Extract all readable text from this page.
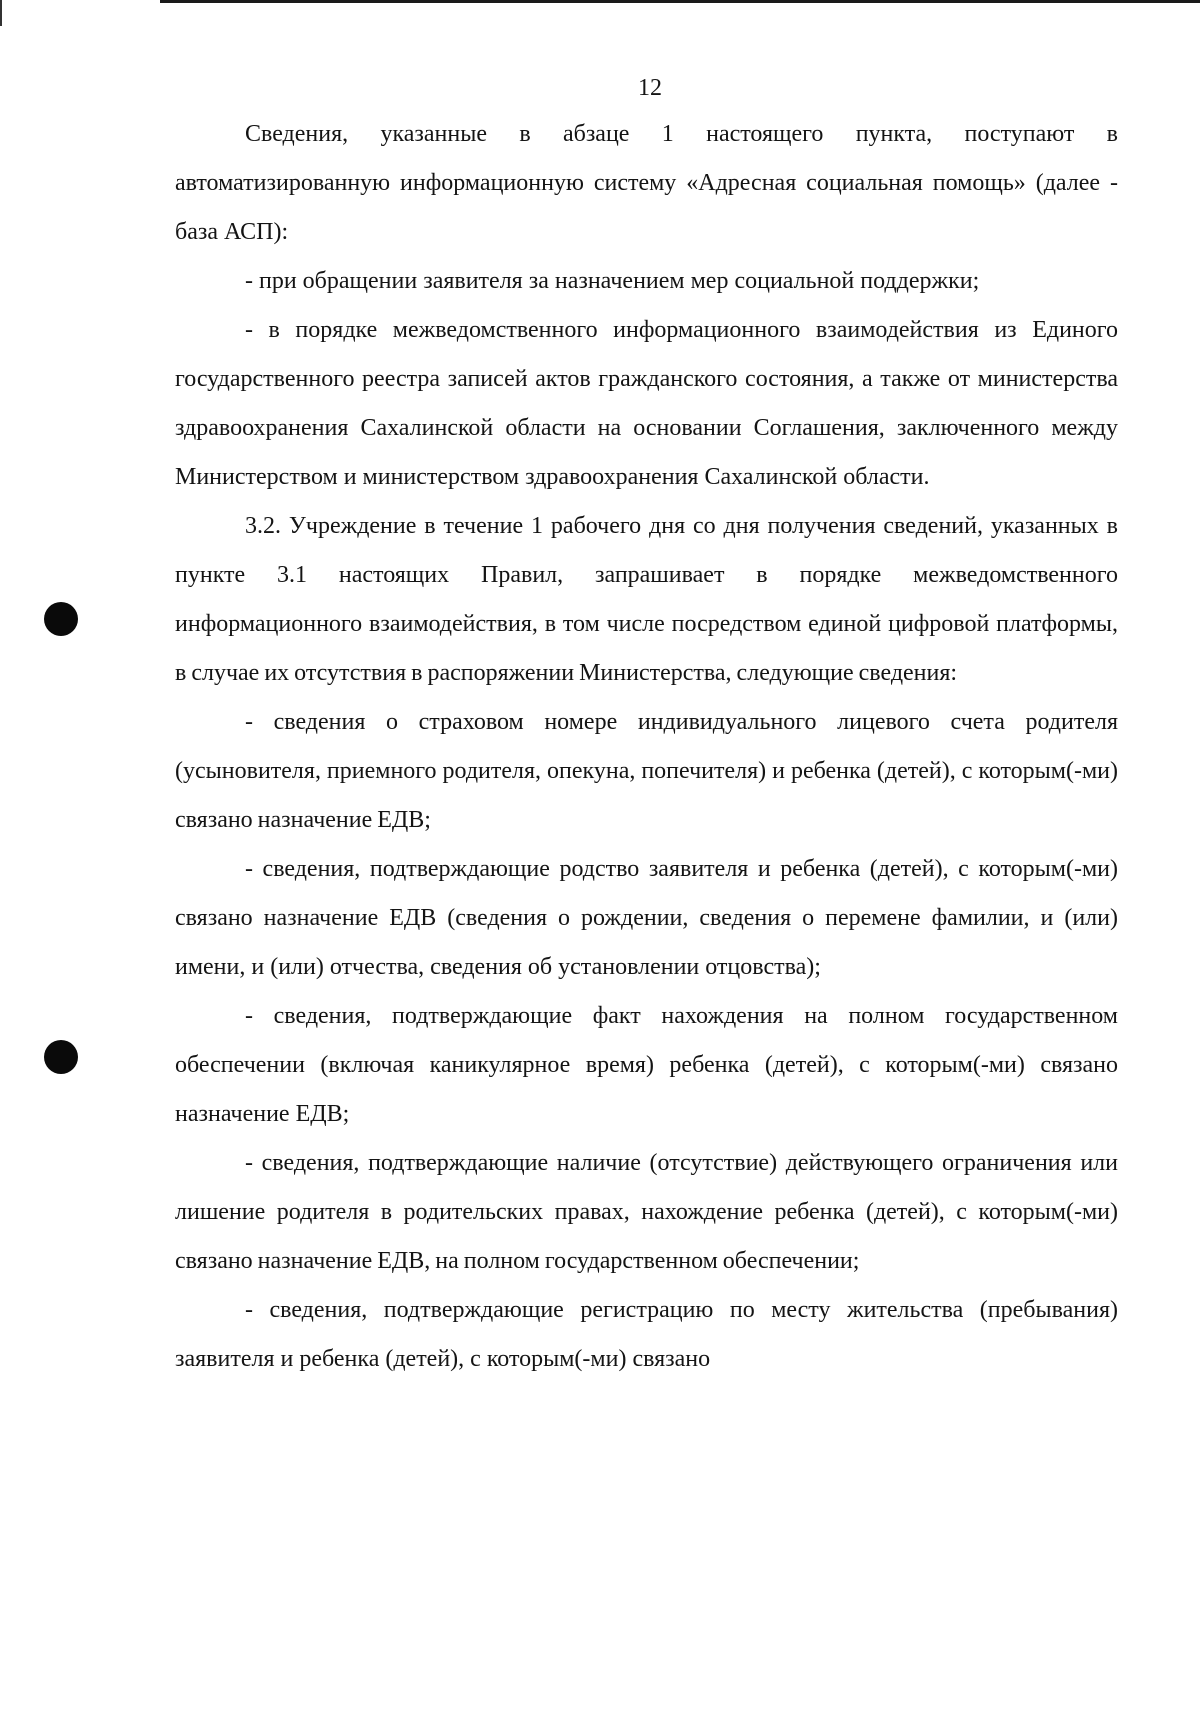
12

Сведения, указанные в абзаце 1 настоящего пункта, поступают в автоматизированную информационную систему «Адресная социальная помощь» (далее - база АСП):

- при обращении заявителя за назначением мер социальной поддержки;

- в порядке межведомственного информационного взаимодействия из Единого государственного реестра записей актов гражданского состояния, а также от министерства здравоохранения Сахалинской области на основании Соглашения, заключенного между Министерством и министерством здравоохранения Сахалинской области.

3.2. Учреждение в течение 1 рабочего дня со дня получения сведений, указанных в пункте 3.1 настоящих Правил, запрашивает в порядке межведомственного информационного взаимодействия, в том числе посредством единой цифровой платформы, в случае их отсутствия в распоряжении Министерства, следующие сведения:

- сведения о страховом номере индивидуального лицевого счета родителя (усыновителя, приемного родителя, опекуна, попечителя) и ребенка (детей), с которым(-ми) связано назначение ЕДВ;

- сведения, подтверждающие родство заявителя и ребенка (детей), с которым(-ми) связано назначение ЕДВ (сведения о рождении, сведения о перемене фамилии, и (или) имени, и (или) отчества, сведения об установлении отцовства);

- сведения, подтверждающие факт нахождения на полном государственном обеспечении (включая каникулярное время) ребенка (детей), с которым(-ми) связано назначение ЕДВ;

- сведения, подтверждающие наличие (отсутствие) действующего ограничения или лишение родителя в родительских правах, нахождение ребенка (детей), с которым(-ми) связано назначение ЕДВ, на полном государственном обеспечении;

- сведения, подтверждающие регистрацию по месту жительства (пребывания) заявителя и ребенка (детей), с которым(-ми) связано
